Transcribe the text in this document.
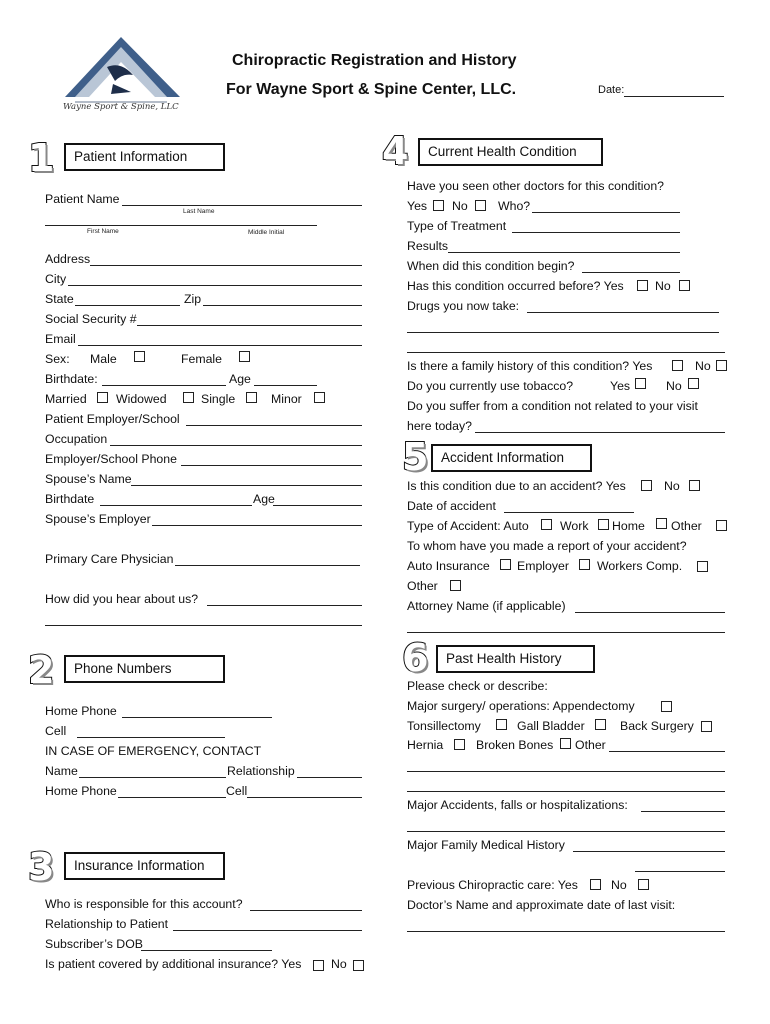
Wayne Sport & Spine, LLC
Chiropractic Registration and History
For Wayne Sport & Spine Center, LLC.	Date:
1	Patient Information
Patient Name
Last Name
First Name	Middle Initial
Address
City
State	Zip
Social Security #
Email
Sex: Male	Female
Birthdate:	Age
Married Widowed	Single	Minor
Patient Employer/School
Occupation
Employer/School Phone
Spouse’s Name
Birthdate	Age
Spouse’s Employer
Primary Care Physician
How did you hear about us?
2	Phone Numbers
Home Phone
Cell
IN CASE OF EMERGENCY, CONTACT
Name	Relationship
Home Phone	Cell
3	Insurance Information
Who is responsible for this account?
Relationship to Patient
Subscriber’s DOB
Is patient covered by additional insurance? Yes No
4	Current Health Condition
Have you seen other doctors for this condition?
Yes No Who?
Type of Treatment
Results
When did this condition begin?
Has this condition occurred before? Yes	No
Drugs you now take:
Is there a family history of this condition? Yes	No
Do you currently use tobacco?	Yes	No
Do you suffer from a condition not related to your visit
here today?
5 Accident Information
Is this condition due to an accident? Yes	No
Date of accident
Type of Accident: Auto	Work Home Other
To whom have you made a report of your accident?
Auto Insurance Employer Workers Comp.
Other
Attorney Name (if applicable)
6	Past Health History
Please check or describe:
Major surgery/ operations: Appendectomy
Tonsillectomy	Gall Bladder	Back Surgery
Hernia	Broken Bones Other
Major Accidents, falls or hospitalizations:
Major Family Medical History
Previous Chiropractic care: Yes	No
Doctor’s Name and approximate date of last visit:
